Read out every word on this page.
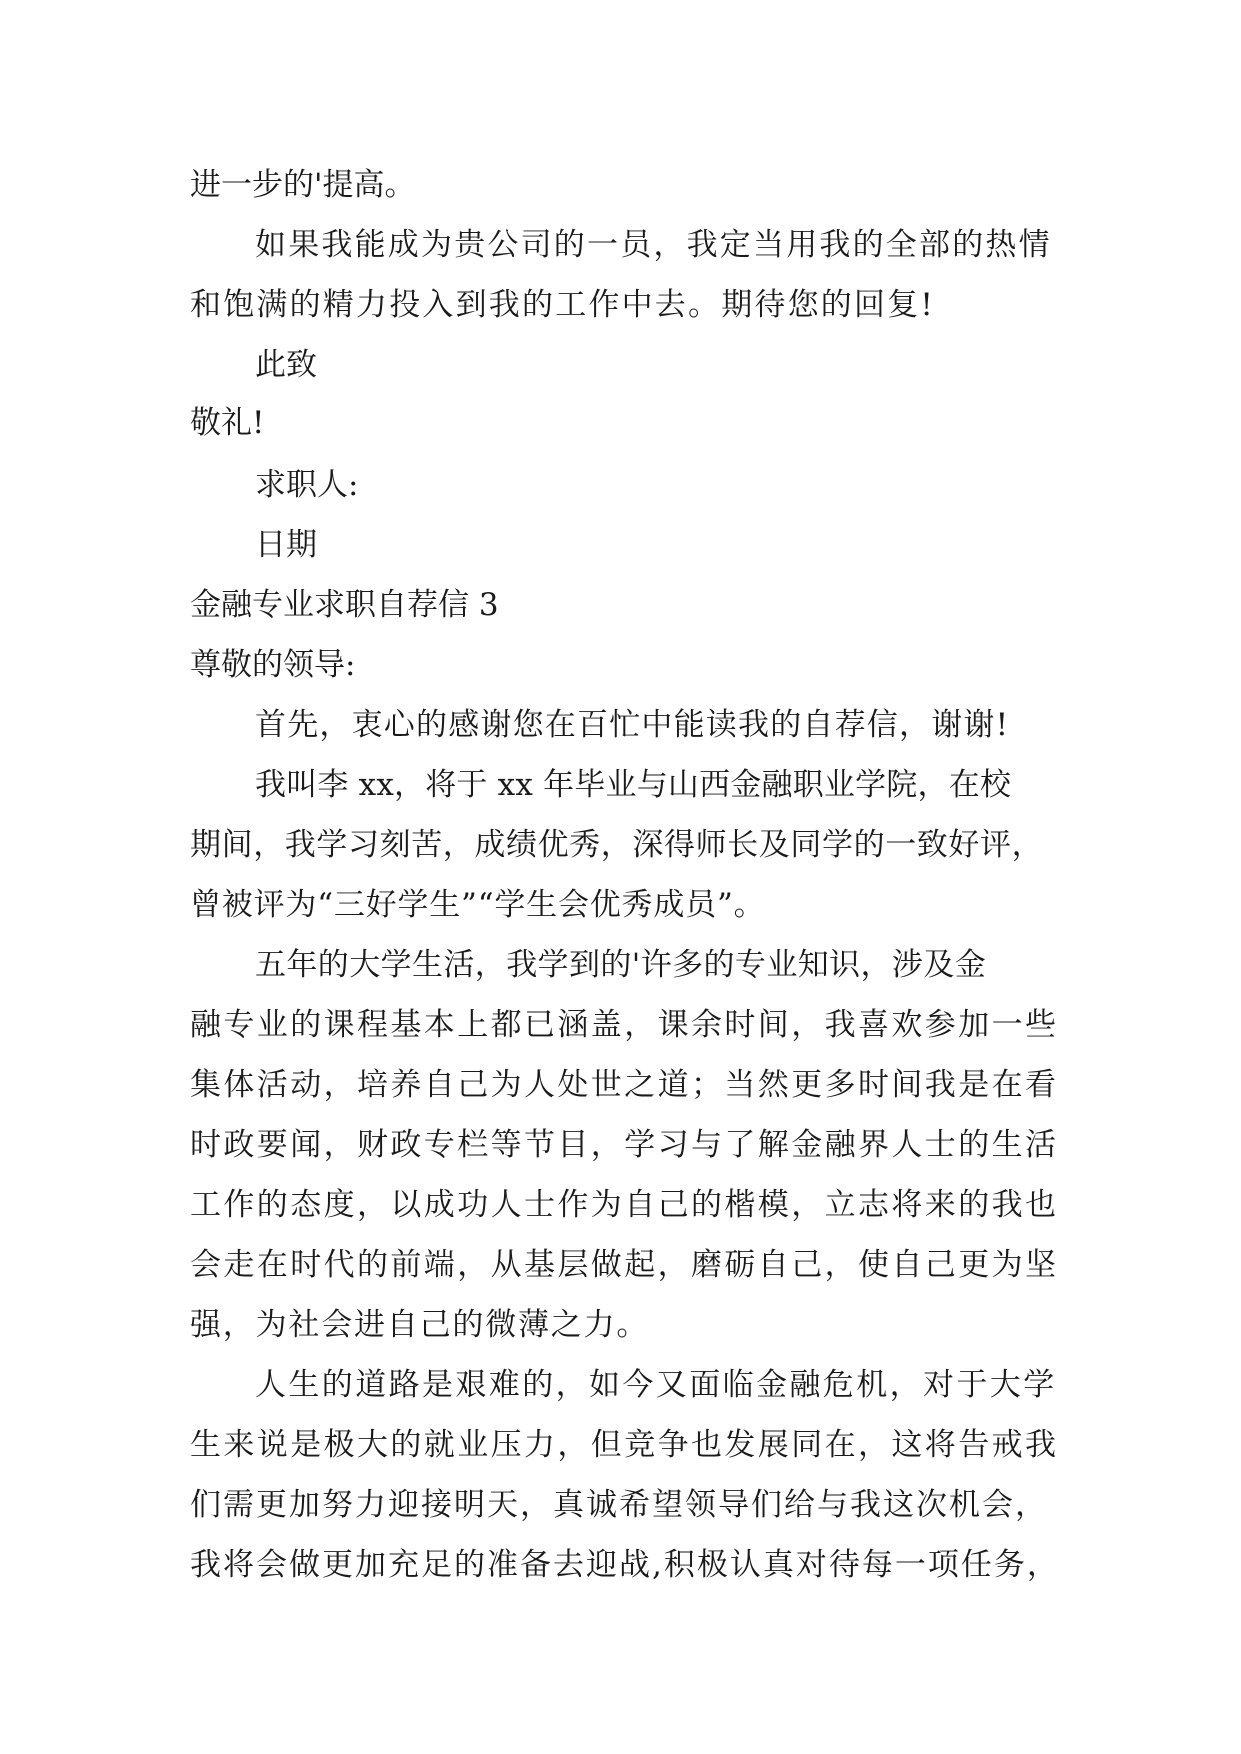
进一步的'提高。
如果我能成为贵公司的一员，我定当用我的全部的热情
和饱满的精力投入到我的工作中去。期待您的回复!
此致
敬礼!
求职人:
日期
金融专业求职自荐信 3
尊敬的领导:
首先，衷心的感谢您在百忙中能读我的自荐信，谢谢!
我叫李 xx，将于 xx 年毕业与山西金融职业学院，在校
期间，我学习刻苦，成绩优秀，深得师长及同学的一致好评，
曾被评为“三好学生”“学生会优秀成员”。
五年的大学生活，我学到的'许多的专业知识，涉及金
融专业的课程基本上都已涵盖，课余时间，我喜欢参加一些
集体活动，培养自己为人处世之道；当然更多时间我是在看
时政要闻，财政专栏等节目，学习与了解金融界人士的生活
工作的态度，以成功人士作为自己的楷模，立志将来的我也
会走在时代的前端，从基层做起，磨砺自己，使自己更为坚
强，为社会进自己的微薄之力。
人生的道路是艰难的，如今又面临金融危机，对于大学
生来说是极大的就业压力，但竞争也发展同在，这将告戒我
们需更加努力迎接明天，真诚希望领导们给与我这次机会，
我将会做更加充足的准备去迎战,积极认真对待每一项任务，
